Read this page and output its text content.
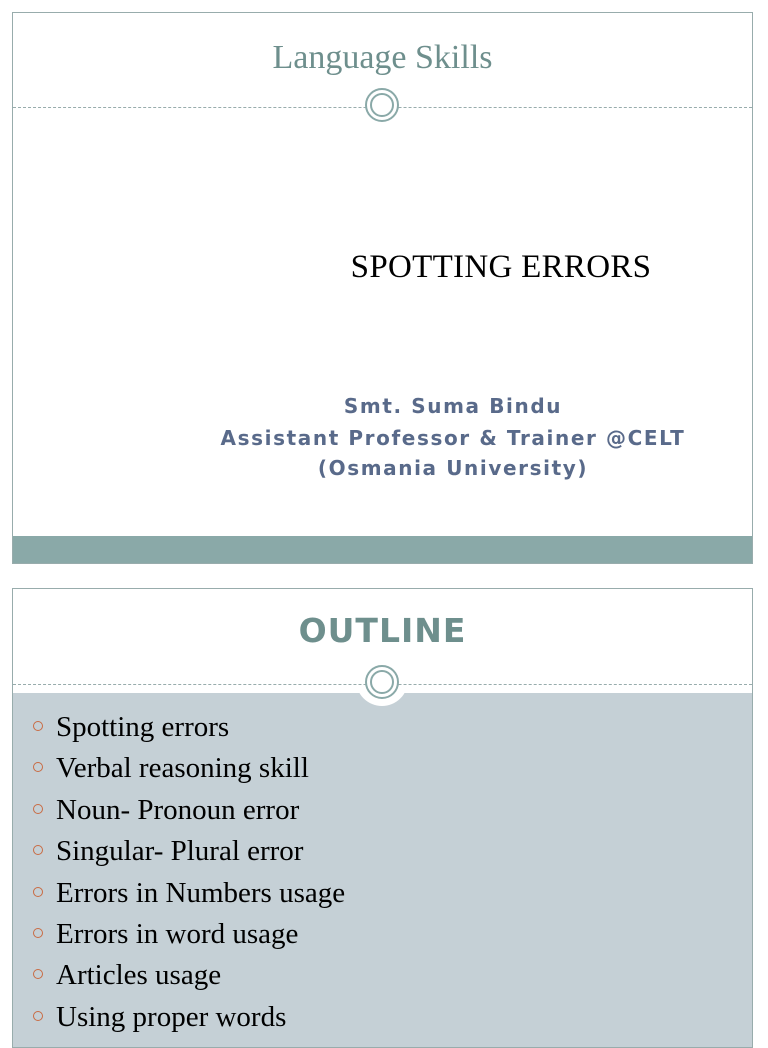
Language Skills
SPOTTING ERRORS
Smt. Suma Bindu
Assistant Professor & Trainer @CELT
(Osmania University)
OUTLINE
Spotting errors
Verbal reasoning skill
Noun- Pronoun error
Singular- Plural error
Errors in Numbers usage
Errors in word usage
Articles usage
Using proper words
